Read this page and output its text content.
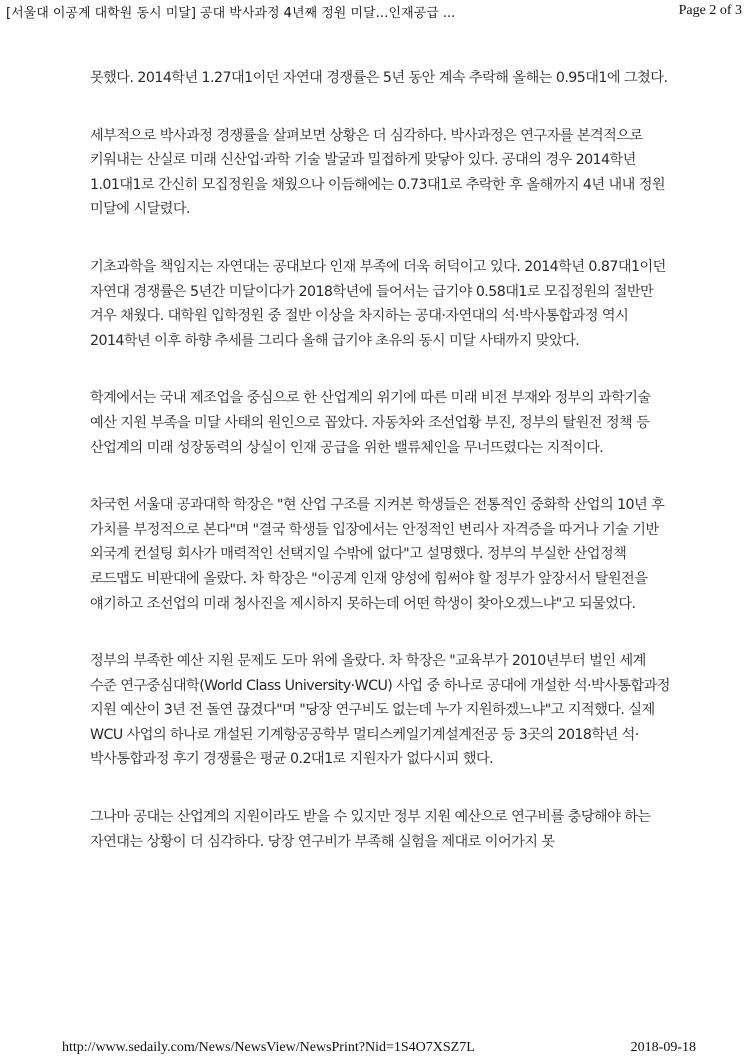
[서울대 이공계 대학원 동시 미달] 공대 박사과정 4년째 정원 미달…인재공급 ...	Page 2 of 3

못했다. 2014학년 1.27대1이던 자연대 경쟁률은 5년 동안 계속 추락해 올해는 0.95대1에 그쳤다.

세부적으로 박사과정 경쟁률을 살펴보면 상황은 더 심각하다. 박사과정은 연구자를 본격적으로 키워내는 산실로 미래 신산업·과학 기술 발굴과 밀접하게 맞닿아 있다. 공대의 경우 2014학년 1.01대1로 간신히 모집정원을 채웠으나 이듬해에는 0.73대1로 추락한 후 올해까지 4년 내내 정원 미달에 시달렸다.

기초과학을 책임지는 자연대는 공대보다 인재 부족에 더욱 허덕이고 있다. 2014학년 0.87대1이던 자연대 경쟁률은 5년간 미달이다가 2018학년에 들어서는 급기야 0.58대1로 모집정원의 절반만 겨우 채웠다. 대학원 입학정원 중 절반 이상을 차지하는 공대·자연대의 석·박사통합과정 역시 2014학년 이후 하향 추세를 그리다 올해 급기야 초유의 동시 미달 사태까지 맞았다.

학계에서는 국내 제조업을 중심으로 한 산업계의 위기에 따른 미래 비전 부재와 정부의 과학기술 예산 지원 부족을 미달 사태의 원인으로 꼽았다. 자동차와 조선업황 부진, 정부의 탈원전 정책 등 산업계의 미래 성장동력의 상실이 인재 공급을 위한 밸류체인을 무너뜨렸다는 지적이다.

차국헌 서울대 공과대학 학장은 "현 산업 구조를 지켜본 학생들은 전통적인 중화학 산업의 10년 후 가치를 부정적으로 본다"며 "결국 학생들 입장에서는 안정적인 변리사 자격증을 따거나 기술 기반 외국계 컨설팅 회사가 매력적인 선택지일 수밖에 없다"고 설명했다. 정부의 부실한 산업정책 로드맵도 비판대에 올랐다. 차 학장은 "이공계 인재 양성에 힘써야 할 정부가 앞장서서 탈원전을 얘기하고 조선업의 미래 청사진을 제시하지 못하는데 어떤 학생이 찾아오겠느냐"고 되물었다.

정부의 부족한 예산 지원 문제도 도마 위에 올랐다. 차 학장은 "교육부가 2010년부터 벌인 세계 수준 연구중심대학(World Class University·WCU) 사업 중 하나로 공대에 개설한 석·박사통합과정 지원 예산이 3년 전 돌연 끊겼다"며 "당장 연구비도 없는데 누가 지원하겠느냐"고 지적했다. 실제 WCU 사업의 하나로 개설된 기계항공공학부 멀티스케일기계설계전공 등 3곳의 2018학년 석·박사통합과정 후기 경쟁률은 평균 0.2대1로 지원자가 없다시피 했다.

그나마 공대는 산업계의 지원이라도 받을 수 있지만 정부 지원 예산으로 연구비를 충당해야 하는 자연대는 상황이 더 심각하다. 당장 연구비가 부족해 실험을 제대로 이어가지 못

http://www.sedaily.com/News/NewsView/NewsPrint?Nid=1S4O7XSZ7L	2018-09-18
